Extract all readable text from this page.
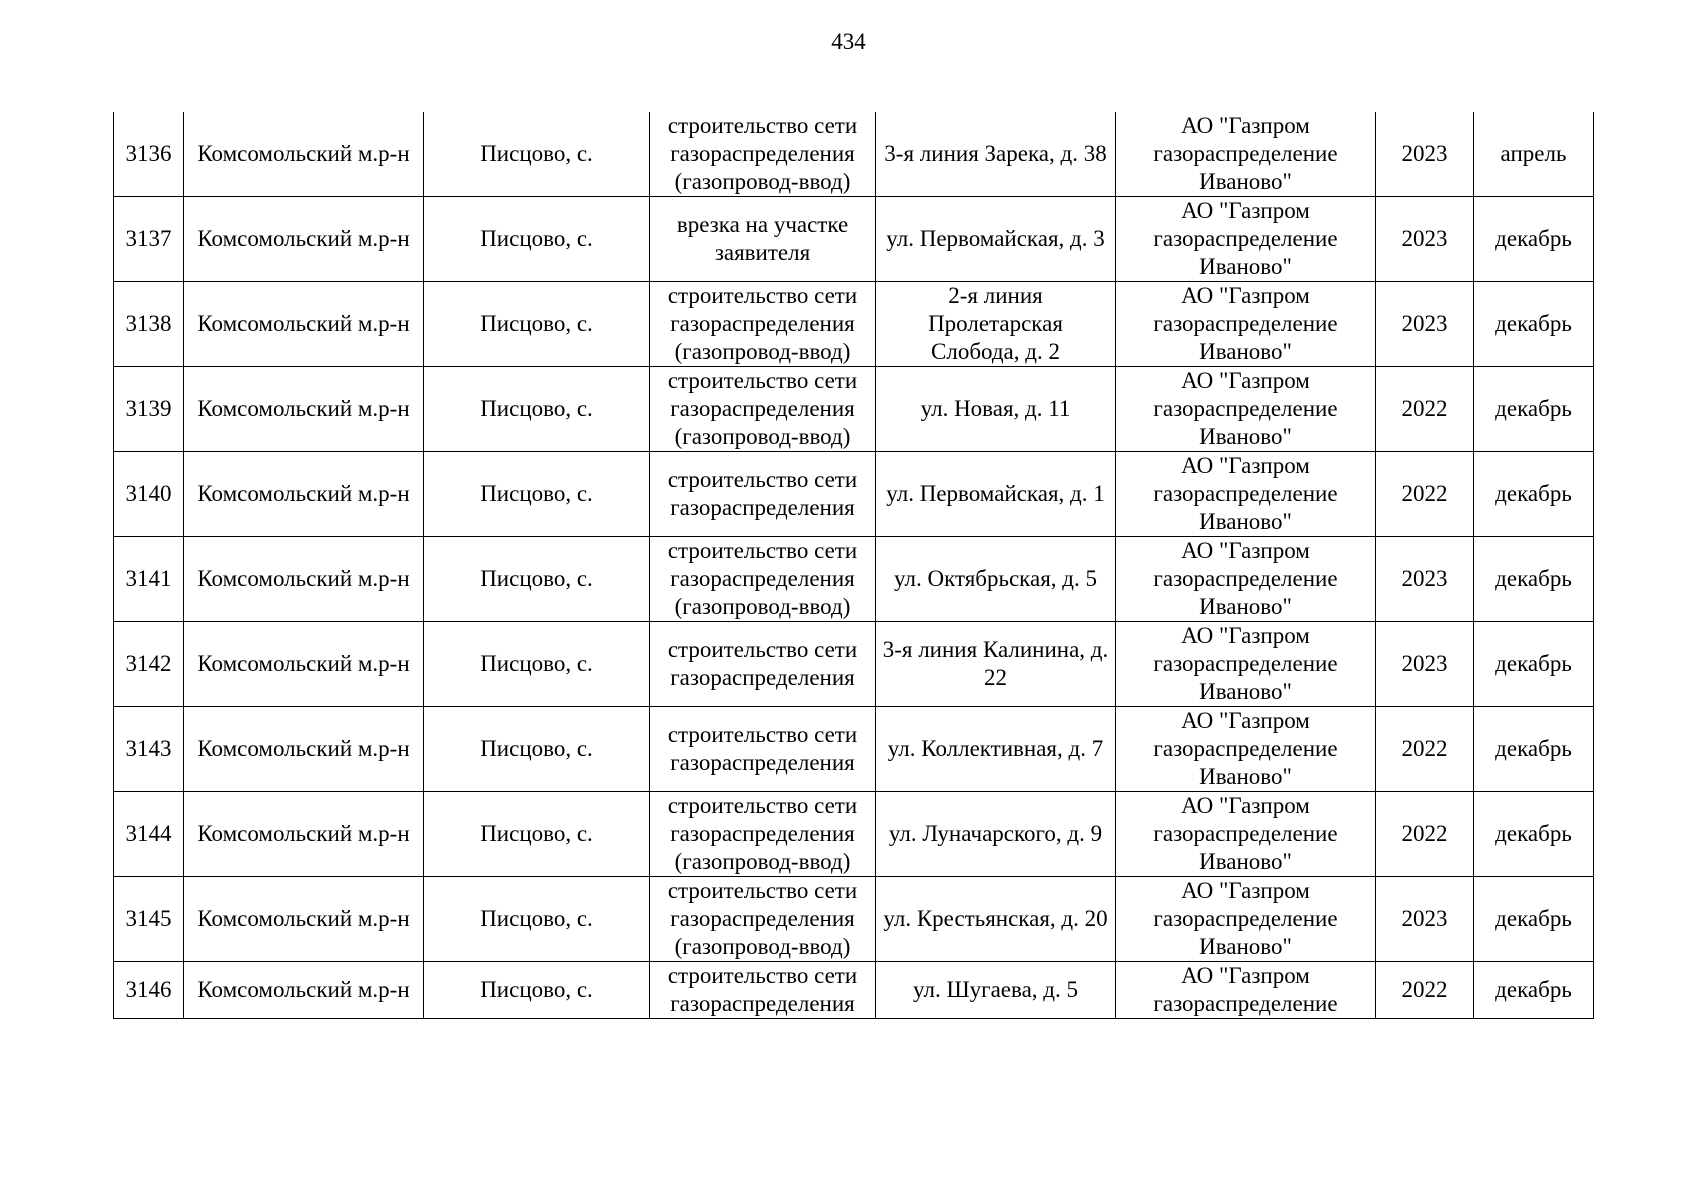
434
3136	Комсомольский м.р-н	Писцово, с.	строительство сети газораспределения (газопровод-ввод)	3-я линия Зарека, д. 38	АО "Газпром газораспределение Иваново"	2023	апрель
3137	Комсомольский м.р-н	Писцово, с.	врезка на участке заявителя	ул. Первомайская, д. 3	АО "Газпром газораспределение Иваново"	2023	декабрь
3138	Комсомольский м.р-н	Писцово, с.	строительство сети газораспределения (газопровод-ввод)	2-я линия Пролетарская Слобода, д. 2	АО "Газпром газораспределение Иваново"	2023	декабрь
3139	Комсомольский м.р-н	Писцово, с.	строительство сети газораспределения (газопровод-ввод)	ул. Новая, д. 11	АО "Газпром газораспределение Иваново"	2022	декабрь
3140	Комсомольский м.р-н	Писцово, с.	строительство сети газораспределения	ул. Первомайская, д. 1	АО "Газпром газораспределение Иваново"	2022	декабрь
3141	Комсомольский м.р-н	Писцово, с.	строительство сети газораспределения (газопровод-ввод)	ул. Октябрьская, д. 5	АО "Газпром газораспределение Иваново"	2023	декабрь
3142	Комсомольский м.р-н	Писцово, с.	строительство сети газораспределения	3-я линия Калинина, д. 22	АО "Газпром газораспределение Иваново"	2023	декабрь
3143	Комсомольский м.р-н	Писцово, с.	строительство сети газораспределения	ул. Коллективная, д. 7	АО "Газпром газораспределение Иваново"	2022	декабрь
3144	Комсомольский м.р-н	Писцово, с.	строительство сети газораспределения (газопровод-ввод)	ул. Луначарского, д. 9	АО "Газпром газораспределение Иваново"	2022	декабрь
3145	Комсомольский м.р-н	Писцово, с.	строительство сети газораспределения (газопровод-ввод)	ул. Крестьянская, д. 20	АО "Газпром газораспределение Иваново"	2023	декабрь
3146	Комсомольский м.р-н	Писцово, с.	строительство сети газораспределения	ул. Шугаева, д. 5	АО "Газпром газораспределение	2022	декабрь
